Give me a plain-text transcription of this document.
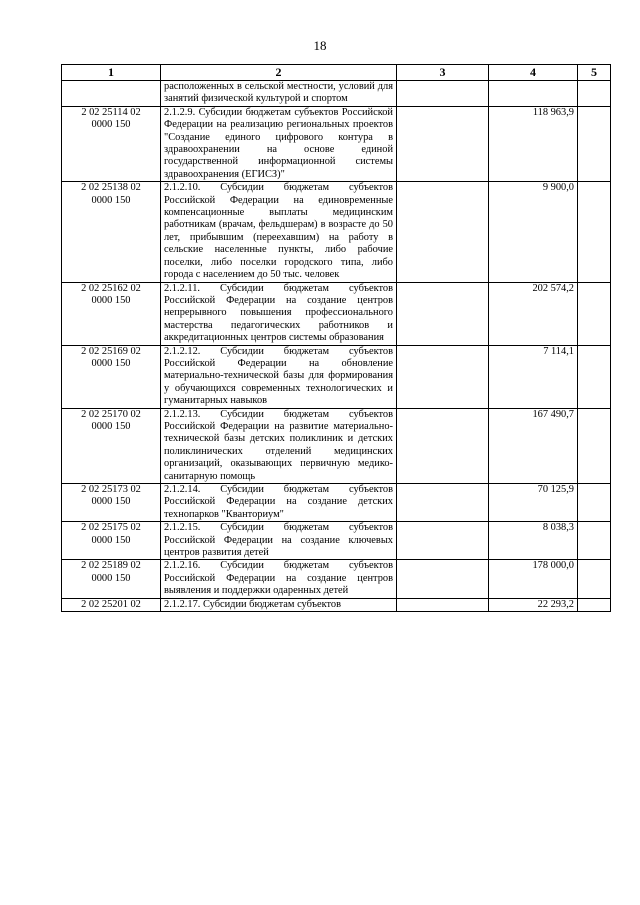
18
1	2	3	4	5
	расположенных в сельской местности, условий для занятий физической культурой и спортом			
2 02 25114 02
0000 150	2.1.2.9. Субсидии бюджетам субъектов Российской Федерации на реализацию региональных проектов "Создание единого цифрового контура в здравоохранении на основе единой государственной информационной системы здравоохранения (ЕГИСЗ)"		118 963,9	
2 02 25138 02
0000 150	2.1.2.10. Субсидии бюджетам субъектов Российской Федерации на единовременные компенсационные выплаты медицинским работникам (врачам, фельдшерам) в возрасте до 50 лет, прибывшим (переехавшим) на работу в сельские населенные пункты, либо рабочие поселки, либо поселки городского типа, либо города с населением до 50 тыс. человек		9 900,0	
2 02 25162 02
0000 150	2.1.2.11. Субсидии бюджетам субъектов Российской Федерации на создание центров непрерывного повышения профессионального мастерства педагогических работников и аккредитационных центров системы образования		202 574,2	
2 02 25169 02
0000 150	2.1.2.12. Субсидии бюджетам субъектов Российской Федерации на обновление материально-технической базы для формирования у обучающихся современных технологических и гуманитарных навыков		7 114,1	
2 02 25170 02
0000 150	2.1.2.13. Субсидии бюджетам субъектов Российской Федерации на развитие материально-технической базы детских поликлиник и детских поликлинических отделений медицинских организаций, оказывающих первичную медико-санитарную помощь		167 490,7	
2 02 25173 02
0000 150	2.1.2.14. Субсидии бюджетам субъектов Российской Федерации на создание детских технопарков "Кванториум"		70 125,9	
2 02 25175 02
0000 150	2.1.2.15. Субсидии бюджетам субъектов Российской Федерации на создание ключевых центров развития детей		8 038,3	
2 02 25189 02
0000 150	2.1.2.16. Субсидии бюджетам субъектов Российской Федерации на создание центров выявления и поддержки одаренных детей		178 000,0	
2 02 25201 02	2.1.2.17. Субсидии бюджетам субъектов		22 293,2	
